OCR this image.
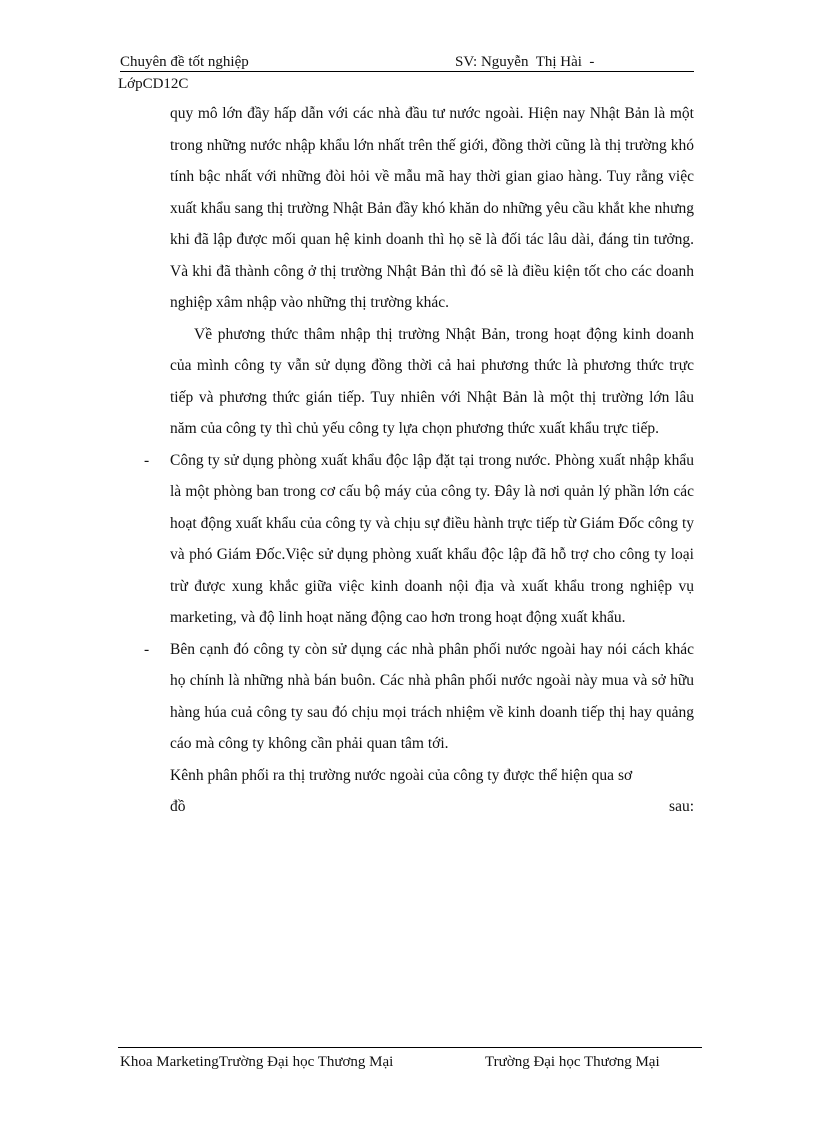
Chuyên đề tốt nghiệp	SV: Nguyễn  Thị Hài  -
LớpCD12C

quy mô lớn đầy hấp dẫn với các nhà đầu tư nước ngoài. Hiện nay Nhật Bản là một trong những nước nhập khẩu lớn nhất trên thế giới, đồng thời cũng là thị trường khó tính bậc nhất với những đòi hỏi về mẫu mã hay thời gian giao hàng. Tuy rằng việc xuất khẩu sang thị trường Nhật Bản đầy khó khăn do những yêu cầu khắt khe nhưng khi đã lập được mối quan hệ kinh doanh thì họ sẽ là đối tác lâu dài, đáng tin tưởng. Và khi đã thành công ở thị trường Nhật Bản thì đó sẽ là điều kiện tốt cho các doanh nghiệp xâm nhập vào những thị trường khác.

Về phương thức thâm nhập thị trường Nhật Bản, trong hoạt động kinh doanh của mình công ty vẫn sử dụng đồng thời cả hai phương thức là phương thức trực tiếp và phương thức gián tiếp. Tuy nhiên với Nhật Bản là một thị trường lớn lâu năm của công ty thì chủ yếu công ty lựa chọn phương thức xuất khẩu trực tiếp.

- Công ty sử dụng phòng xuất khẩu độc lập đặt tại trong nước. Phòng xuất nhập khẩu là một phòng ban trong cơ cấu bộ máy của công ty. Đây là nơi quản lý phần lớn các hoạt động xuất khẩu của công ty và chịu sự điều hành trực tiếp từ Giám Đốc công ty và phó Giám Đốc.Việc sử dụng phòng xuất khẩu độc lập đã hỗ trợ cho công ty loại trừ được xung khắc giữa việc kinh doanh nội địa và xuất khẩu trong nghiệp vụ marketing, và độ linh hoạt năng động cao hơn trong hoạt động xuất khẩu.
- Bên cạnh đó công ty còn sử dụng các nhà phân phối nước ngoài hay nói cách khác họ chính là những nhà bán buôn. Các nhà phân phối nước ngoài này mua và sở hữu hàng húa cuả công ty sau đó chịu mọi trách nhiệm về kinh doanh tiếp thị hay quảng cáo mà công ty không cần phải quan tâm tới.

Kênh phân phối ra thị trường nước ngoài của công ty được thể hiện qua sơ

đồ	sau:
Khoa MarketingTrường Đại học Thương Mại	Trường Đại học Thương Mại
